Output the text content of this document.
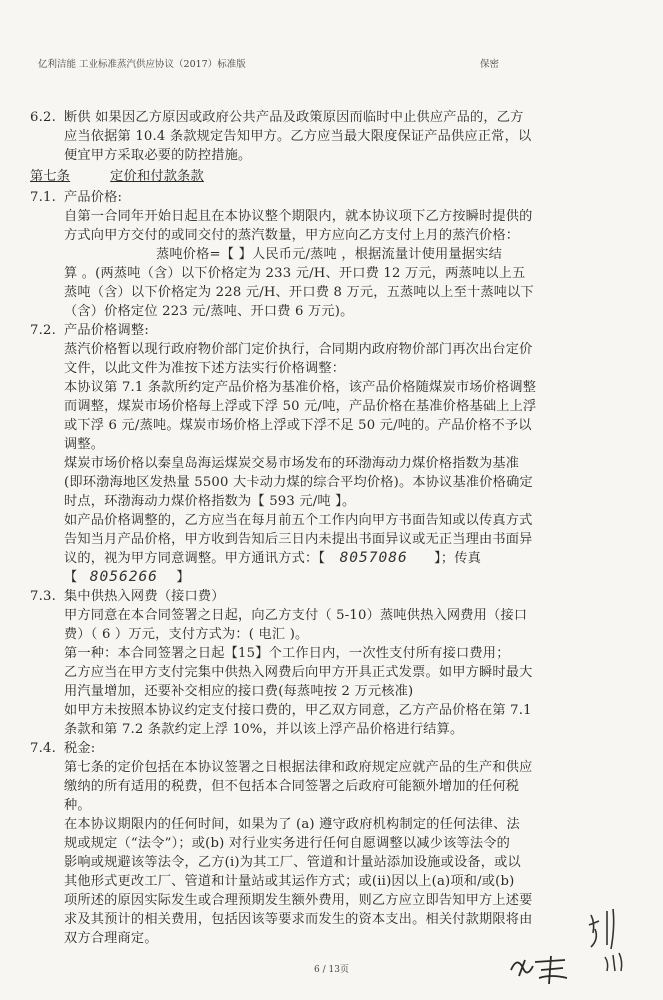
亿利洁能 工业标准蒸汽供应协议（2017）标准版	保密
6.2. 断供 如果因乙方原因或政府公共产品及政策原因而临时中止供应产品的，乙方

应当依据第 10.4 条款规定告知甲方。乙方应当最大限度保证产品供应正常，以

便宜甲方采取必要的防控措施。

第七条	定价和付款条款
7.1. 产品价格:

自第一合同年开始日起且在本协议整个期限内，就本协议项下乙方按瞬时提供的

方式向甲方交付的或同交付的蒸汽数量，甲方应向乙方支付上月的蒸汽价格：

蒸吨价格=【 】人民币元/蒸吨 ，根据流量计使用量据实结

算 。(两蒸吨（含）以下价格定为 233 元/H、开口费 12 万元，两蒸吨以上五

蒸吨（含）以下价格定为 228 元/H、开口费 8 万元，五蒸吨以上至十蒸吨以下

（含）价格定位 223 元/蒸吨、开口费 6 万元)。

7.2. 产品价格调整:

蒸汽价格暂以现行政府物价部门定价执行，合同期内政府物价部门再次出台定价

文件，以此文件为准按下述方法实行价格调整：

本协议第 7.1 条款所约定产品价格为基准价格，该产品价格随煤炭市场价格调整

而调整，煤炭市场价格每上浮或下浮 50 元/吨，产品价格在基准价格基础上上浮

或下浮 6 元/蒸吨。煤炭市场价格上浮或下浮不足 50 元/吨的。产品价格不予以

调整。

煤炭市场价格以秦皇岛海运煤炭交易市场发布的环渤海动力煤价格指数为基准

(即环渤海地区发热量 5500 大卡动力煤的综合平均价格)。本协议基准价格确定

时点，环渤海动力煤价格指数为【 593 元/吨 】。

如产品价格调整的，乙方应当在每月前五个工作内向甲方书面告知或以传真方式

告知当月产品价格，甲方收到告知后三日内未提出书面异议或无正当理由书面异

议的，视为甲方同意调整。甲方通讯方式：【 8057086 】；传真

【 8056266 】

7.3. 集中供热入网费（接口费）

甲方同意在本合同签署之日起，向乙方支付（ 5-10）蒸吨供热入网费用（接口

费）（ 6 ）万元，支付方式为：( 电汇 )。

第一种：本合同签署之日起【15】个工作日内，一次性支付所有接口费用；

乙方应当在甲方支付完集中供热入网费后向甲方开具正式发票。如甲方瞬时最大

用汽量增加，还要补交相应的接口费(每蒸吨按 2 万元核准)

如甲方未按照本协议约定支付接口费的，甲乙双方同意，乙方产品价格在第 7.1

条款和第 7.2 条款约定上浮 10%，并以该上浮产品价格进行结算。

7.4. 税金:

第七条的定价包括在本协议签署之日根据法律和政府规定应就产品的生产和供应

缴纳的所有适用的税费，但不包括本合同签署之后政府可能额外增加的任何税

种。

在本协议期限内的任何时间，如果为了 (a) 遵守政府机构制定的任何法律、法

规或规定（“法令”）；或(b) 对行业实务进行任何自愿调整以减少该等法令的

影响或规避该等法令，乙方(i)为其工厂、管道和计量站添加设施或设备，或以

其他形式更改工厂、管道和计量站或其运作方式；或(ii)因以上(a)项和/或(b)

项所述的原因实际发生或合理预期发生额外费用，则乙方应立即告知甲方上述要

求及其预计的相关费用，包括因该等要求而发生的资本支出。相关付款期限将由

双方合理商定。

6 / 13页
